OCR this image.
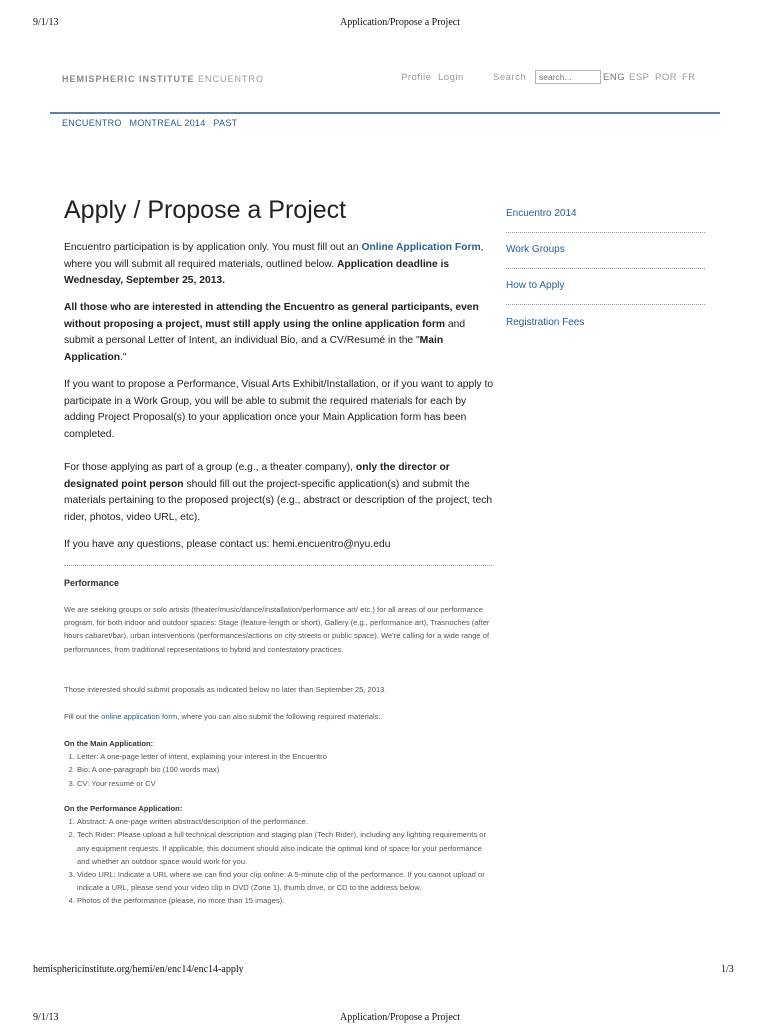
9/1/13	Application/Propose a Project
HEMISPHERIC INSTITUTE ENCUENTRO	Profile Login	Search
search...	ENG ESP POR FR
ENCUENTRO MONTREAL 2014 PAST
Apply / Propose a Project

Encuentro participation is by application only. You must fill out an Online Application Form, where you will submit all required materials, outlined below. Application deadline is Wednesday, September 25, 2013.

All those who are interested in attending the Encuentro as general participants, even without proposing a project, must still apply using the online application form and submit a personal Letter of Intent, an individual Bio, and a CV/Resumé in the "Main Application."

If you want to propose a Performance, Visual Arts Exhibit/Installation, or if you want to apply to participate in a Work Group, you will be able to submit the required materials for each by adding Project Proposal(s) to your application once your Main Application form has been completed.

For those applying as part of a group (e.g., a theater company), only the director or designated point person should fill out the project-specific application(s) and submit the materials pertaining to the proposed project(s) (e.g., abstract or description of the project, tech rider, photos, video URL, etc).

If you have any questions, please contact us: hemi.encuentro@nyu.edu

Performance

We are seeking groups or solo artists (theater/music/dance/installation/performance art/ etc.) for all areas of our performance program, for both indoor and outdoor spaces: Stage (feature-length or short), Gallery (e.g., performance art), Trasnoches (after hours cabaret/bar), urban interventions (performances/actions on city streets or public space). We're calling for a wide range of performances, from traditional representations to hybrid and contestatory practices.

Those interested should submit proposals as indicated below no later than September 25, 2013.

Fill out the online application form, where you can also submit the following required materials:

On the Main Application:

1. Letter: A one-page letter of intent, explaining your interest in the Encuentro
2. Bio: A one-paragraph bio (100 words max)
3. CV: Your resumé or CV

On the Performance Application:

1. Abstract: A one-page written abstract/description of the performance.
2. Tech Rider: Please upload a full technical description and staging plan (Tech Rider), including any lighting requirements or any equipment requests. If applicable, this document should also indicate the optimal kind of space for your performance and whether an outdoor space would work for you.
3. Video URL: Indicate a URL where we can find your clip online: A 5-minute clip of the performance. If you cannot upload or indicate a URL, please send your video clip in DVD (Zone 1), thumb drive, or CD to the address below.
4. Photos of the performance (please, no more than 15 images).
Encuentro 2014
Work Groups
How to Apply
Registration Fees
hemisphericinstitute.org/hemi/en/enc14/enc14-apply	1/3
9/1/13	Application/Propose a Project
